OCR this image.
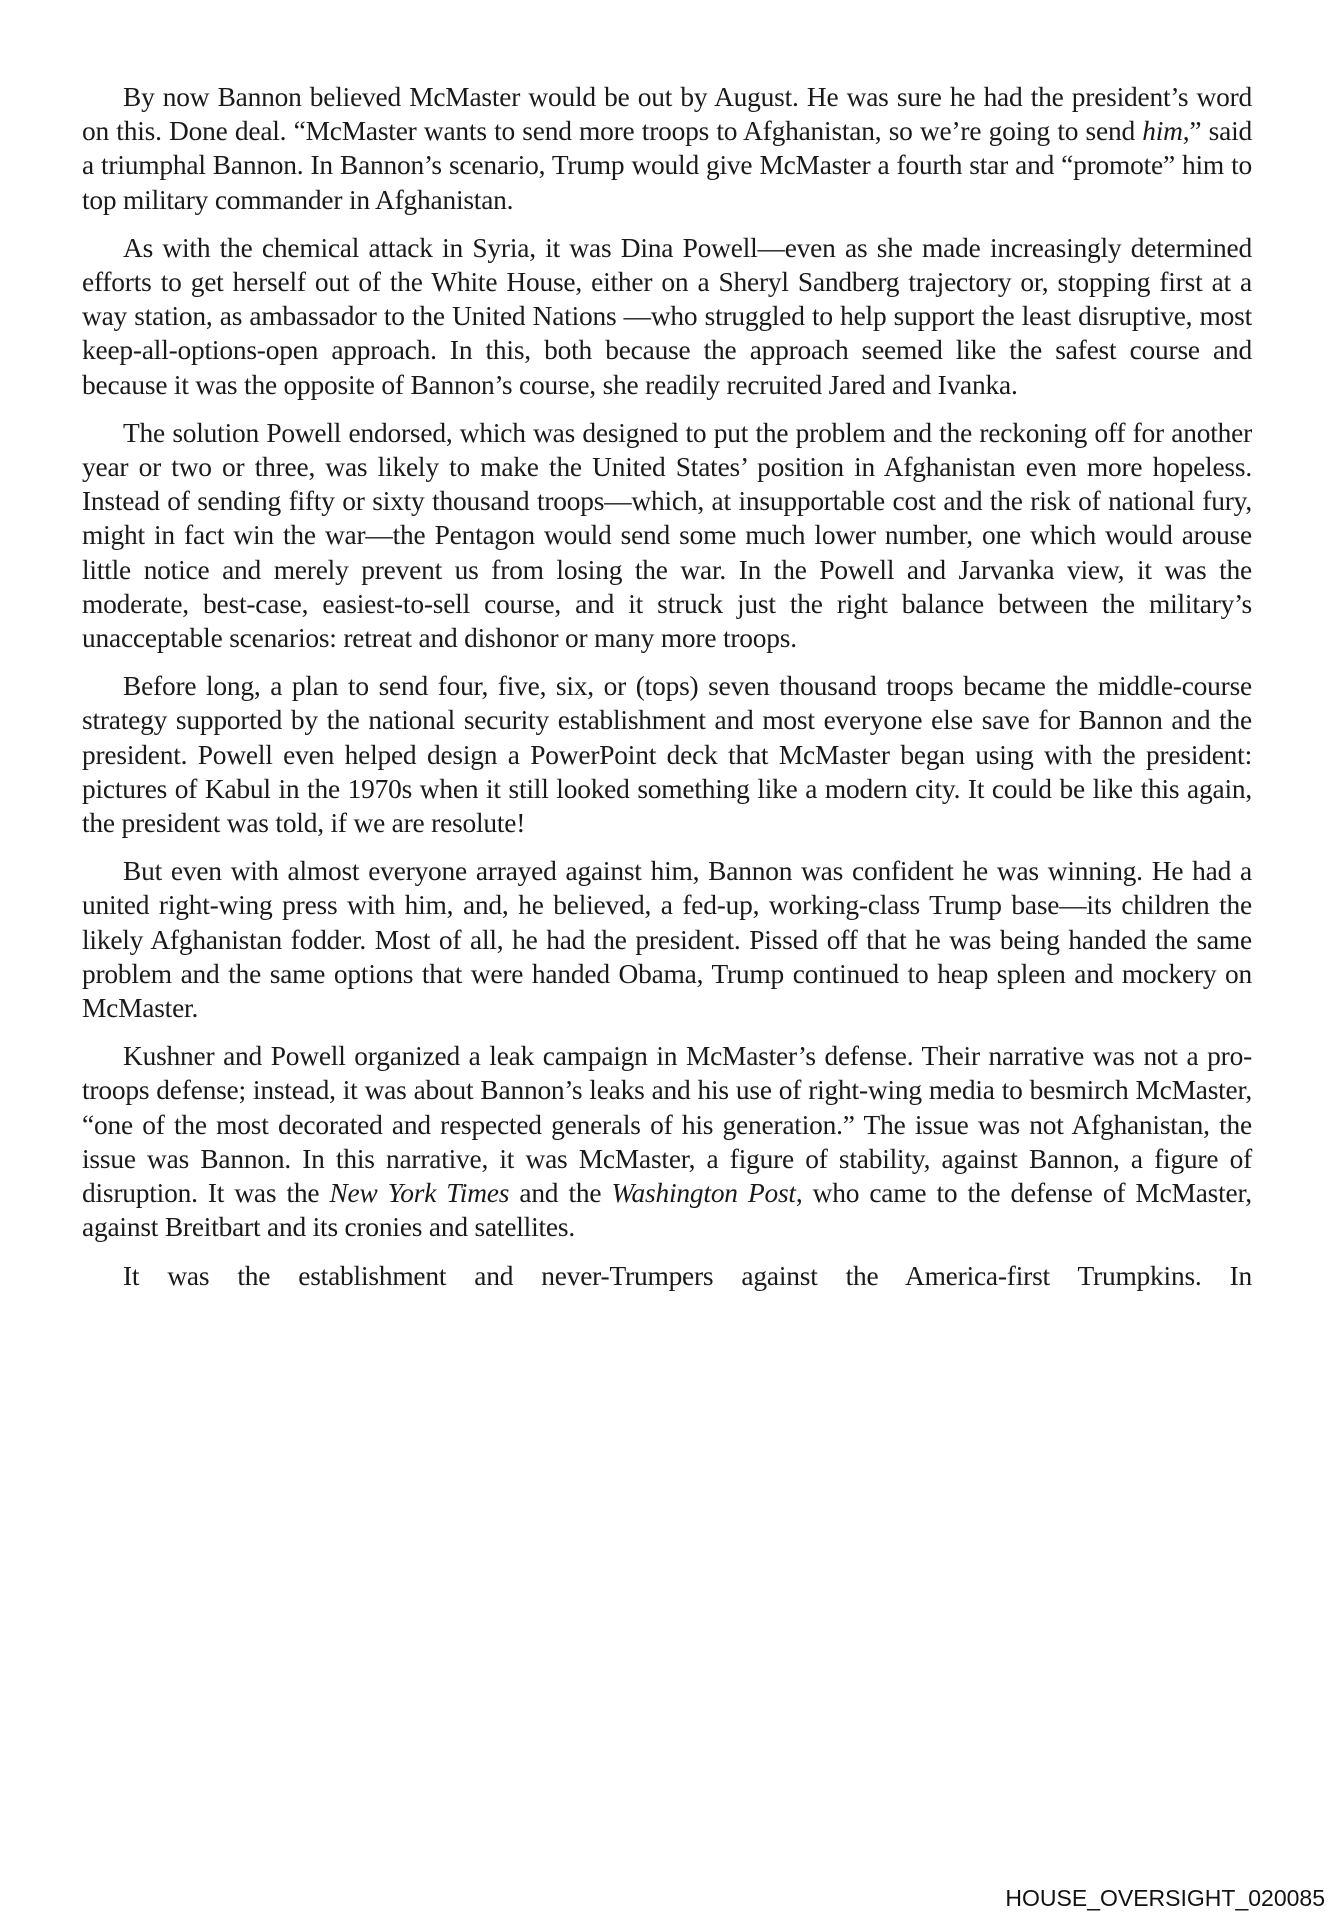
By now Bannon believed McMaster would be out by August. He was sure he had the president’s word on this. Done deal. “McMaster wants to send more troops to Afghanistan, so we’re going to send him,” said a triumphal Bannon. In Bannon’s scenario, Trump would give McMaster a fourth star and “promote” him to top military commander in Afghanistan.

As with the chemical attack in Syria, it was Dina Powell—even as she made increasingly determined efforts to get herself out of the White House, either on a Sheryl Sandberg trajectory or, stopping first at a way station, as ambassador to the United Nations —who struggled to help support the least disruptive, most keep-all-options-open approach. In this, both because the approach seemed like the safest course and because it was the opposite of Bannon’s course, she readily recruited Jared and Ivanka.

The solution Powell endorsed, which was designed to put the problem and the reckoning off for another year or two or three, was likely to make the United States’ position in Afghanistan even more hopeless. Instead of sending fifty or sixty thousand troops—which, at insupportable cost and the risk of national fury, might in fact win the war—the Pentagon would send some much lower number, one which would arouse little notice and merely prevent us from losing the war. In the Powell and Jarvanka view, it was the moderate, best-case, easiest-to-sell course, and it struck just the right balance between the military’s unacceptable scenarios: retreat and dishonor or many more troops.

Before long, a plan to send four, five, six, or (tops) seven thousand troops became the middle-course strategy supported by the national security establishment and most everyone else save for Bannon and the president. Powell even helped design a PowerPoint deck that McMaster began using with the president: pictures of Kabul in the 1970s when it still looked something like a modern city. It could be like this again, the president was told, if we are resolute!

But even with almost everyone arrayed against him, Bannon was confident he was winning. He had a united right-wing press with him, and, he believed, a fed-up, working-class Trump base—its children the likely Afghanistan fodder. Most of all, he had the president. Pissed off that he was being handed the same problem and the same options that were handed Obama, Trump continued to heap spleen and mockery on McMaster.

Kushner and Powell organized a leak campaign in McMaster’s defense. Their narrative was not a pro-troops defense; instead, it was about Bannon’s leaks and his use of right-wing media to besmirch McMaster, “one of the most decorated and respected generals of his generation.” The issue was not Afghanistan, the issue was Bannon. In this narrative, it was McMaster, a figure of stability, against Bannon, a figure of disruption. It was the New York Times and the Washington Post, who came to the defense of McMaster, against Breitbart and its cronies and satellites.

It was the establishment and never-Trumpers against the America-first Trumpkins. In

HOUSE_OVERSIGHT_020085
